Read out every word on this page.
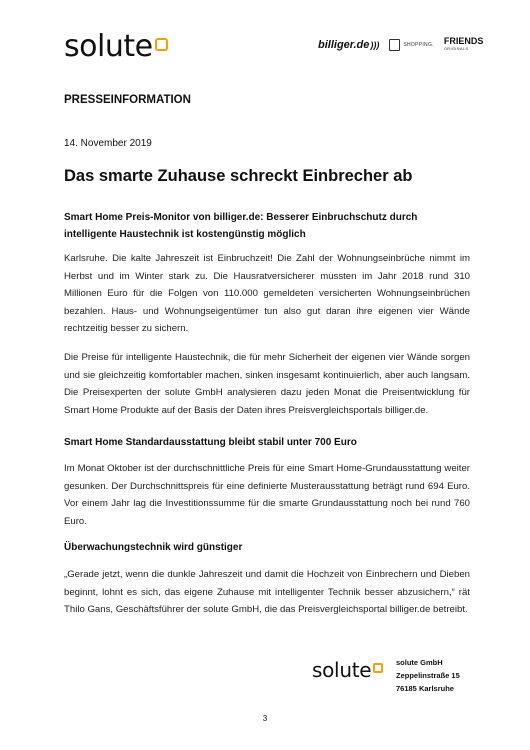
solute	billiger.de )))	SHOPPING. FRIENDS
ORIGINALS
PRESSEINFORMATION
14. November 2019
Das smarte Zuhause schreckt Einbrecher ab
Smart Home Preis-Monitor von billiger.de: Besserer Einbruchschutz durch intelligente Haustechnik ist kostengünstig möglich
Karlsruhe. Die kalte Jahreszeit ist Einbruchzeit! Die Zahl der Wohnungseinbrüche nimmt im Herbst und im Winter stark zu. Die Hausratversicherer mussten im Jahr 2018 rund 310 Millionen Euro für die Folgen von 110.000 gemeldeten versicherten Wohnungseinbrüchen bezahlen. Haus- und Wohnungseigentümer tun also gut daran ihre eigenen vier Wände rechtzeitig besser zu sichern.
Die Preise für intelligente Haustechnik, die für mehr Sicherheit der eigenen vier Wände sorgen und sie gleichzeitig komfortabler machen, sinken insgesamt kontinuierlich, aber auch langsam. Die Preisexperten der solute GmbH analysieren dazu jeden Monat die Preisentwicklung für Smart Home Produkte auf der Basis der Daten ihres Preisvergleichsportals billiger.de.
Smart Home Standardausstattung bleibt stabil unter 700 Euro
Im Monat Oktober ist der durchschnittliche Preis für eine Smart Home-Grundausstattung weiter gesunken. Der Durchschnittspreis für eine definierte Musterausstattung beträgt rund 694 Euro. Vor einem Jahr lag die Investitionssumme für die smarte Grundausstattung noch bei rund 760 Euro.
Überwachungstechnik wird günstiger
„Gerade jetzt, wenn die dunkle Jahreszeit und damit die Hochzeit von Einbrechern und Dieben beginnt, lohnt es sich, das eigene Zuhause mit intelligenter Technik besser abzusichern,“ rät Thilo Gans, Geschäftsführer der solute GmbH, die das Preisvergleichsportal billiger.de betreibt.
solute	solute GmbH
Zeppelinstraße 15
76185 Karlsruhe
3
